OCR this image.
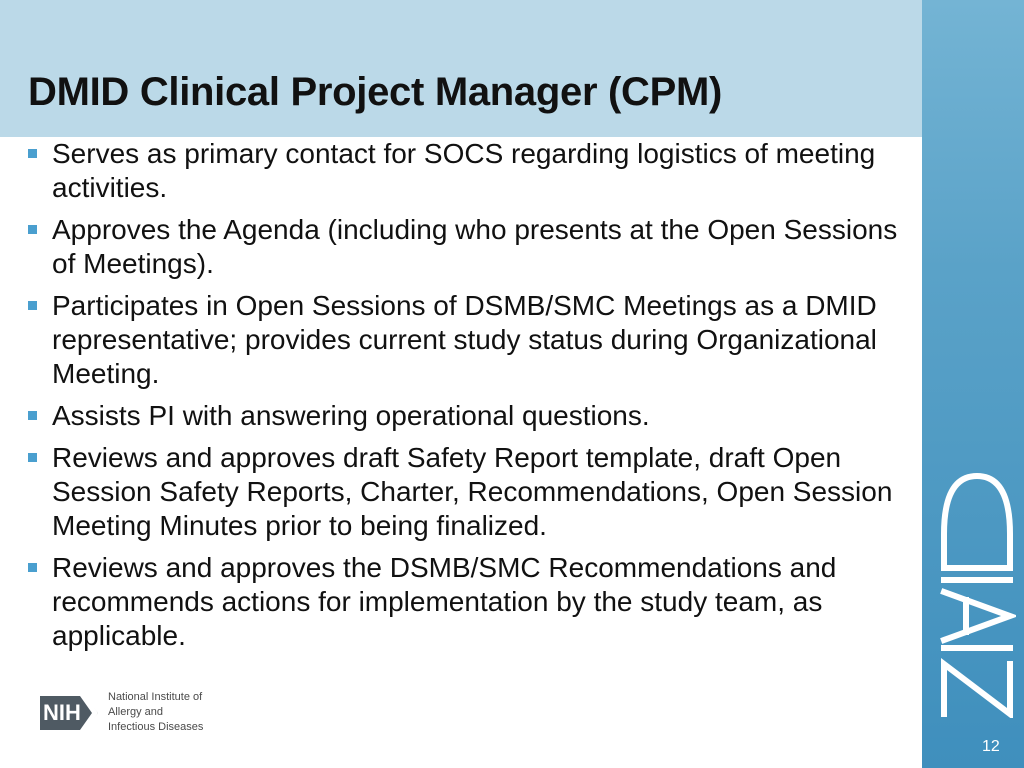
DMID Clinical Project Manager (CPM)
12
Serves as primary contact for SOCS regarding logistics of meeting activities.
Approves the Agenda (including who presents at the Open Sessions of Meetings).
Participates in Open Sessions of DSMB/SMC Meetings as a DMID representative; provides current study status during Organizational Meeting.
Assists PI with answering operational questions.
Reviews and approves draft Safety Report template, draft Open Session Safety Reports, Charter, Recommendations, Open Session Meeting Minutes prior to being finalized.
Reviews and approves the DSMB/SMC Recommendations and recommends actions for implementation by the study team, as applicable.
NIH
National Institute of
Allergy and
Infectious Diseases
